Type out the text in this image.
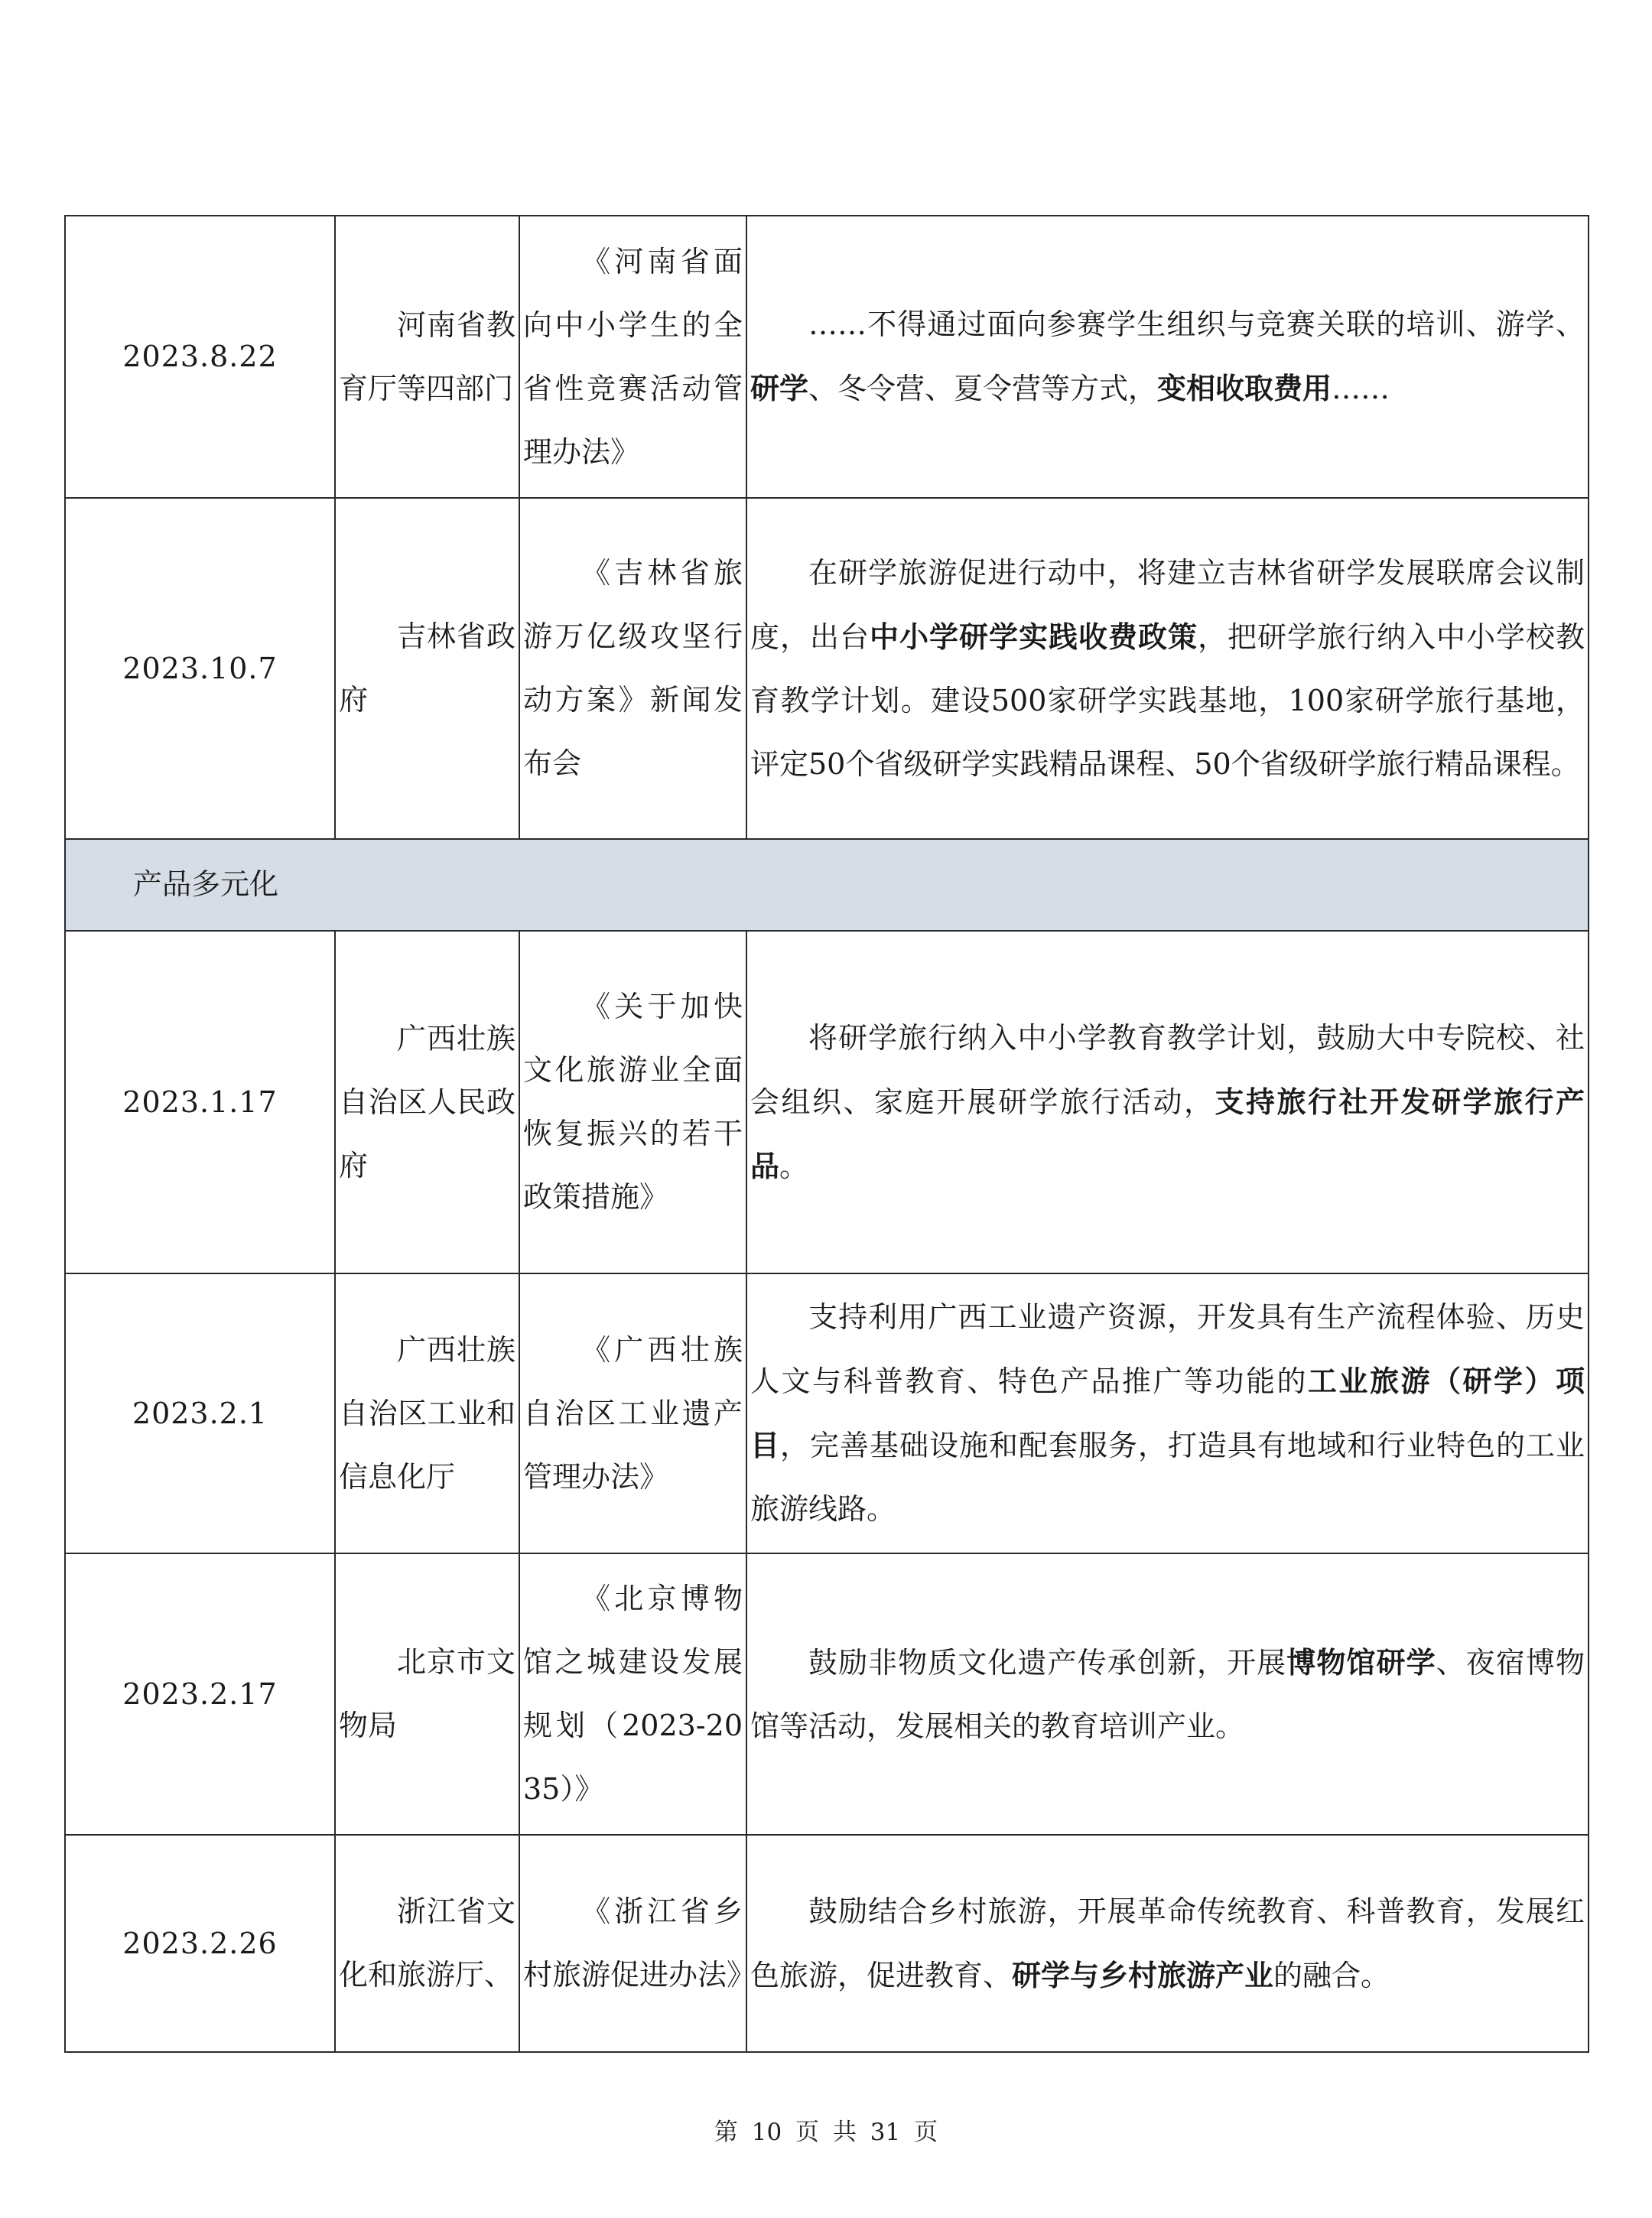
2023.8.22	河南省教育厅等四部门	《河南省面向中小学生的全省性竞赛活动管理办法》	……不得通过面向参赛学生组织与竞赛关联的培训、游学、研学、冬令营、夏令营等方式，变相收取费用……

2023.10.7	吉林省政府	《吉林省旅游万亿级攻坚行动方案》新闻发布会	在研学旅游促进行动中，将建立吉林省研学发展联席会议制度，出台中小学研学实践收费政策，把研学旅行纳入中小学校教育教学计划。建设500家研学实践基地，100家研学旅行基地，评定50个省级研学实践精品课程、50个省级研学旅行精品课程。

产品多元化			
2023.1.17	广西壮族自治区人民政府	《关于加快文化旅游业全面恢复振兴的若干政策措施》	将研学旅行纳入中小学教育教学计划，鼓励大中专院校、社会组织、家庭开展研学旅行活动，支持旅行社开发研学旅行产品。

2023.2.1	广西壮族自治区工业和信息化厅	《广西壮族自治区工业遗产管理办法》	支持利用广西工业遗产资源，开发具有生产流程体验、历史人文与科普教育、特色产品推广等功能的工业旅游（研学）项目，完善基础设施和配套服务，打造具有地域和行业特色的工业旅游线路。

2023.2.17	北京市文物局	《北京博物馆之城建设发展规划（2023-2035）》	鼓励非物质文化遗产传承创新，开展博物馆研学、夜宿博物馆等活动，发展相关的教育培训产业。

2023.2.26	浙江省文化和旅游厅、	《浙江省乡村旅游促进办法》	鼓励结合乡村旅游，开展革命传统教育、科普教育，发展红色旅游，促进教育、研学与乡村旅游产业的融合。
第 10 页 共 31 页
